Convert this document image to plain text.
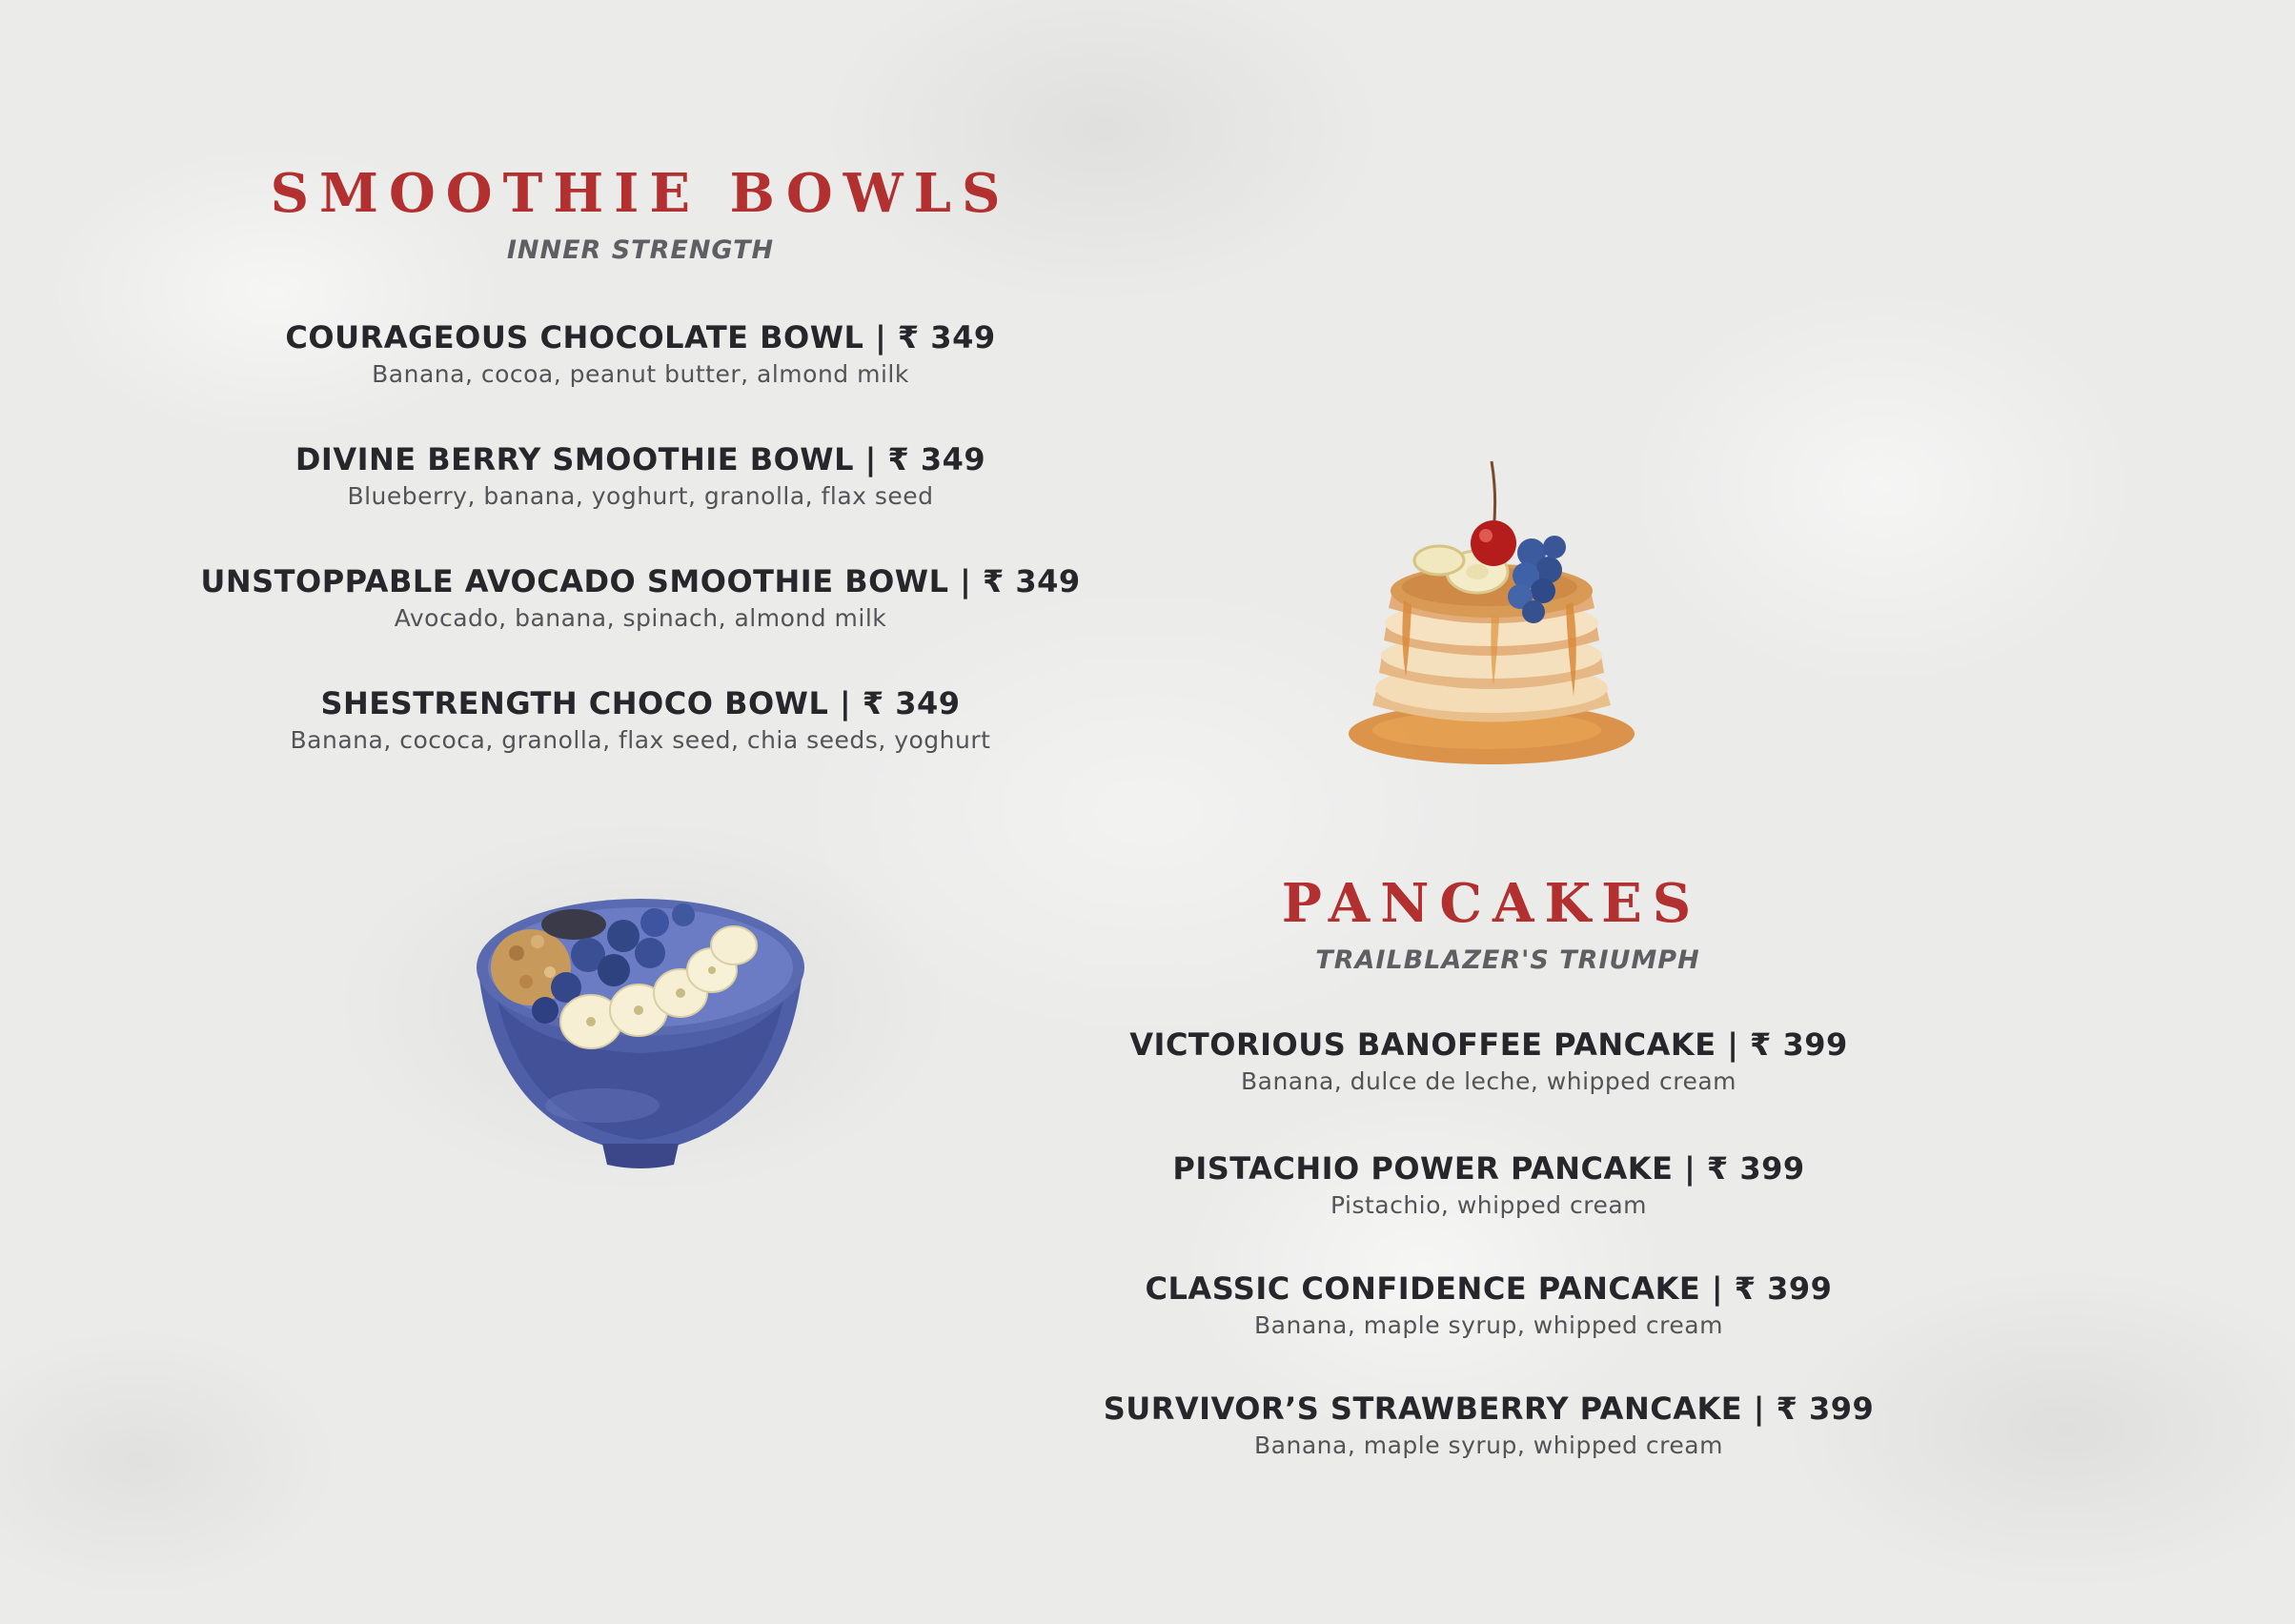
SMOOTHIE BOWLS
INNER STRENGTH
COURAGEOUS CHOCOLATE BOWL | ₹ 349
Banana, cocoa, peanut butter, almond milk
DIVINE BERRY SMOOTHIE BOWL | ₹ 349
Blueberry, banana, yoghurt, granolla, flax seed
UNSTOPPABLE AVOCADO SMOOTHIE BOWL | ₹ 349
Avocado, banana, spinach, almond milk
SHESTRENGTH CHOCO BOWL | ₹ 349
Banana, cococa, granolla, flax seed, chia seeds, yoghurt
PANCAKES
TRAILBLAZER'S TRIUMPH
VICTORIOUS BANOFFEE PANCAKE | ₹ 399
Banana, dulce de leche, whipped cream
PISTACHIO POWER PANCAKE | ₹ 399
Pistachio, whipped cream
CLASSIC CONFIDENCE PANCAKE | ₹ 399
Banana, maple syrup, whipped cream
SURVIVOR’S STRAWBERRY PANCAKE | ₹ 399
Banana, maple syrup, whipped cream
